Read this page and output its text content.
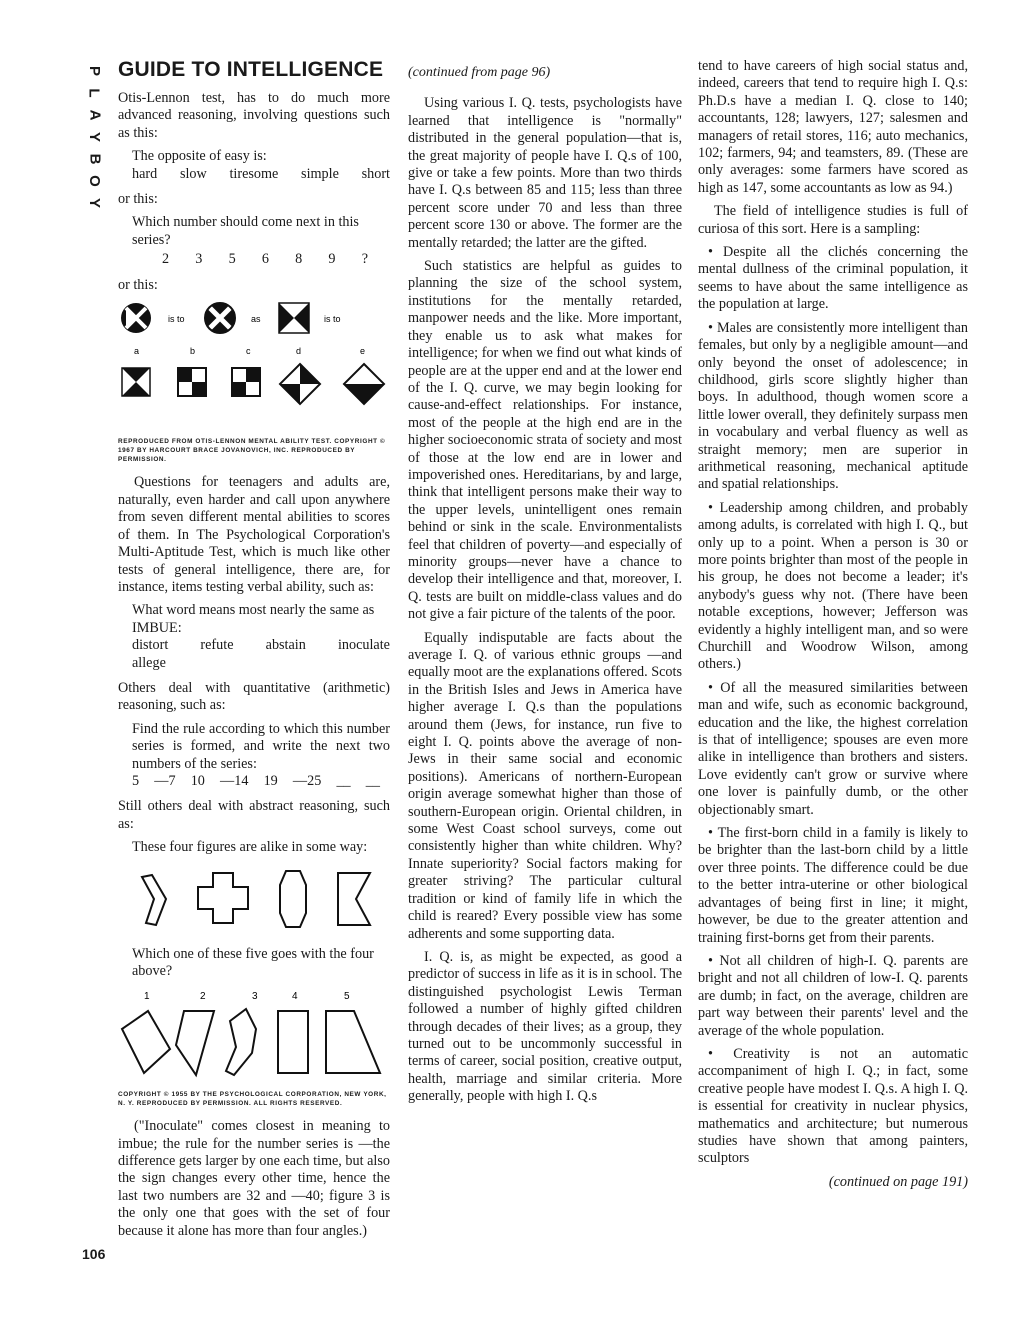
P
L
A
Y
B
O
Y
106
GUIDE TO INTELLIGENCE

Otis-Lennon test, has to do much more advanced reasoning, involving questions such as this:

The opposite of easy is:
hard slow tiresome simple short

or this:

Which number should come next in this series?
2 3 5 6 8 9 ?

or this:

is to	as	is to
a	b	c	d	e
REPRODUCED FROM OTIS-LENNON MENTAL ABILITY TEST. COPYRIGHT © 1967 BY HARCOURT BRACE JOVANOVICH, INC. REPRODUCED BY PERMISSION.

Questions for teenagers and adults are, naturally, even harder and call upon anywhere from seven different mental abilities to scores of them. In The Psychological Corporation's Multi-Aptitude Test, which is much like other tests of general intelligence, there are, for instance, items testing verbal ability, such as:

What word means most nearly the same as IMBUE:
distort refute abstain inoculate
allege

Others deal with quantitative (arithmetic) reasoning, such as:

Find the rule according to which this number series is formed, and write the next two numbers of the series:
5 —7 10 —14 19 —25 __ __

Still others deal with abstract reasoning, such as:

These four figures are alike in some way:
Which one of these five goes with the four above?
1	2	3	4	5
COPYRIGHT © 1955 BY THE PSYCHOLOGICAL CORPORATION, NEW YORK, N. Y. REPRODUCED BY PERMISSION. ALL RIGHTS RESERVED.

("Inoculate" comes closest in meaning to imbue; the rule for the number series is —the difference gets larger by one each time, but also the sign changes every other time, hence the last two numbers are 32 and —40; figure 3 is the only one that goes with the set of four because it alone has more than four angles.)

(continued from page 96)

Using various I. Q. tests, psychologists have learned that intelligence is "normally" distributed in the general population—that is, the great majority of people have I. Q.s of 100, give or take a few points. More than two thirds have I. Q.s between 85 and 115; less than three percent score under 70 and less than three percent score 130 or above. The former are the mentally retarded; the latter are the gifted.

Such statistics are helpful as guides to planning the size of the school system, institutions for the mentally retarded, manpower needs and the like. More important, they enable us to ask what makes for intelligence; for when we find out what kinds of people are at the upper end and at the lower end of the I. Q. curve, we may begin looking for cause-and-effect relationships. For instance, most of the people at the high end are in the higher socioeconomic strata of society and most of those at the low end are in lower and impoverished ones. Hereditarians, by and large, think that intelligent persons make their way to the upper levels, unintelligent ones remain behind or sink in the scale. Environmentalists feel that children of poverty—and especially of minority groups—never have a chance to develop their intelligence and that, moreover, I. Q. tests are built on middle-class values and do not give a fair picture of the talents of the poor.

Equally indisputable are facts about the average I. Q. of various ethnic groups —and equally moot are the explanations offered. Scots in the British Isles and Jews in America have higher average I. Q.s than the populations around them (Jews, for instance, run five to eight I. Q. points above the average of non-Jews in their same social and economic positions). Americans of northern-European origin average somewhat higher than those of southern-European origin. Oriental children, in some West Coast school surveys, come out consistently higher than white children. Why? Innate superiority? Social factors making for greater striving? The particular cultural tradition or kind of family life in which the child is reared? Every possible view has some adherents and some supporting data.

I. Q. is, as might be expected, as good a predictor of success in life as it is in school. The distinguished psychologist Lewis Terman followed a number of highly gifted children through decades of their lives; as a group, they turned out to be uncommonly successful in terms of career, social position, creative output, health, marriage and similar criteria. More generally, people with high I. Q.s

tend to have careers of high social status and, indeed, careers that tend to require high I. Q.s: Ph.D.s have a median I. Q. close to 140; accountants, 128; lawyers, 127; salesmen and managers of retail stores, 116; auto mechanics, 102; farmers, 94; and teamsters, 89. (These are only averages: some farmers have scored as high as 147, some accountants as low as 94.)

The field of intelligence studies is full of curiosa of this sort. Here is a sampling:

• Despite all the clichés concerning the mental dullness of the criminal population, it seems to have about the same intelligence as the population at large.

• Males are consistently more intelligent than females, but only by a negligible amount—and only beyond the onset of adolescence; in childhood, girls score slightly higher than boys. In adulthood, though women score a little lower overall, they definitely surpass men in vocabulary and verbal fluency as well as straight memory; men are superior in arithmetical reasoning, mechanical aptitude and spatial relationships.

• Leadership among children, and probably among adults, is correlated with high I. Q., but only up to a point. When a person is 30 or more points brighter than most of the people in his group, he does not become a leader; it's anybody's guess why not. (There have been notable exceptions, however; Jefferson was evidently a highly intelligent man, and so were Churchill and Woodrow Wilson, among others.)

• Of all the measured similarities between man and wife, such as economic background, education and the like, the highest correlation is that of intelligence; spouses are even more alike in intelligence than brothers and sisters. Love evidently can't grow or survive where one lover is painfully dumb, or the other objectionably smart.

• The first-born child in a family is likely to be brighter than the last-born child by a little over three points. The difference could be due to the better intra-uterine or other biological advantages of being first in line; it might, however, be due to the greater attention and training first-borns get from their parents.

• Not all children of high-I. Q. parents are bright and not all children of low-I. Q. parents are dumb; in fact, on the average, children are part way between their parents' level and the average of the whole population.

• Creativity is not an automatic accompaniment of high I. Q.; in fact, some creative people have modest I. Q.s. A high I. Q. is essential for creativity in nuclear physics, mathematics and architecture; but numerous studies have shown that among painters, sculptors

(continued on page 191)
